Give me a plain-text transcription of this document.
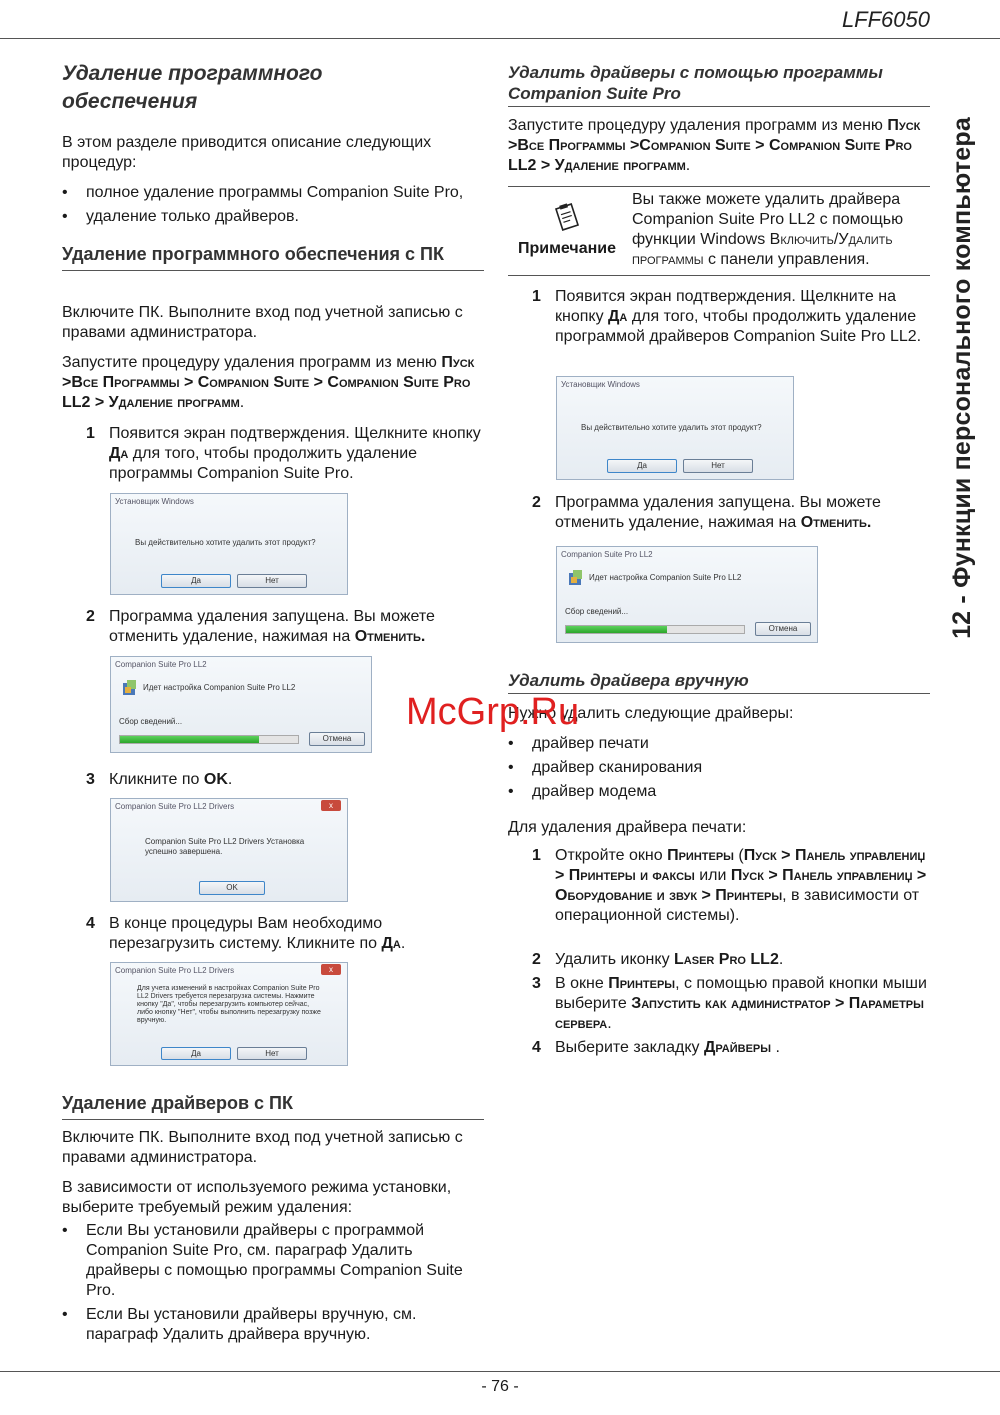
LFF6050
12 - Функции персонального компьютера
Удаление программного
обеспечения

В этом разделе приводится описание следующих процедур:

• полное удаление программы Companion Suite Pro,
• удаление только драйверов.
Удаление программного обеспечения с ПК

Включите ПК. Выполните вход под учетной записью с правами администратора.

Запустите процедуру удаления программ из меню Пуск >Все Программы > Companion Suite > Companion Suite Pro LL2 > Удаление программ.

1 Появится экран подтверждения. Щелкните кнопку Да для того, чтобы продолжить удаление программы Companion Suite Pro.
Установщик Windows
Вы действительно хотите удалить этот продукт?
Да	Нет
2 Программа удаления запущена. Вы можете отменить удаление, нажимая на Отменить.
Companion Suite Pro LL2
Идет настройка Companion Suite Pro LL2
Сбор сведений...
Отмена
3 Кликните по OK.
Companion Suite Pro LL2 Drivers	x
Companion Suite Pro LL2 Drivers Установка успешно завершена.
OK
4 В конце процедуры Вам необходимо перезагрузить систему. Кликните по Да.
Companion Suite Pro LL2 Drivers	x
Для учета изменений в настройках Companion Suite Pro LL2 Drivers требуется перезагрузка системы. Нажмите кнопку "Да", чтобы перезагрузить компьютер сейчас, либо кнопку "Нет", чтобы выполнить перезагрузку позже вручную.
Да	Нет
Удаление драйверов с ПК

Включите ПК. Выполните вход под учетной записью с правами администратора.

В зависимости от используемого режима установки, выберите требуемый режим удаления:

• Если Вы установили драйверы с программой Companion Suite Pro, см. параграф Удалить драйверы с помощью программы Companion Suite Pro.
• Если Вы установили драйверы вручную, см. параграф Удалить драйвера вручную.
Удалить драйверы с помощью программы
Companion Suite Pro

Запустите процедуру удаления программ из меню Пуск >Все Программы >Companion Suite > Companion Suite Pro LL2 > Удаление программ.

Примечание
Вы также можете удалить драйвера Companion Suite Pro LL2 с помощью функции Windows Включить/Удалить программы с панели управления.
1 Появится экран подтверждения. Щелкните на кнопку Да для того, чтобы продолжить удаление программой драйверов Companion Suite Pro LL2.
Установщик Windows
Вы действительно хотите удалить этот продукт?
Да	Нет
2 Программа удаления запущена. Вы можете отменить удаление, нажимая на Отменить.
Companion Suite Pro LL2
Идет настройка Companion Suite Pro LL2
Сбор сведений...
Отмена
Удалить драйвера вручную

Нужно удалить следующие драйверы:

• драйвер печати
• драйвер сканирования
• драйвер модема

Для удаления драйвера печати:

1 Откройте окно Принтеры (Пуск > Панель управлениџ > Принтеры и факсы или Пуск > Панель управлениџ > Оборудование и звук > Принтеры, в зависимости от операционной системы).
2 Удалить иконку Laser Pro LL2.
3 В окне Принтеры, с помощью правой кнопки мыши выберите Запустить как администратор > Параметры сервера.
4 Выберите закладку Драйверы .
McGrp.Ru
- 76 -
